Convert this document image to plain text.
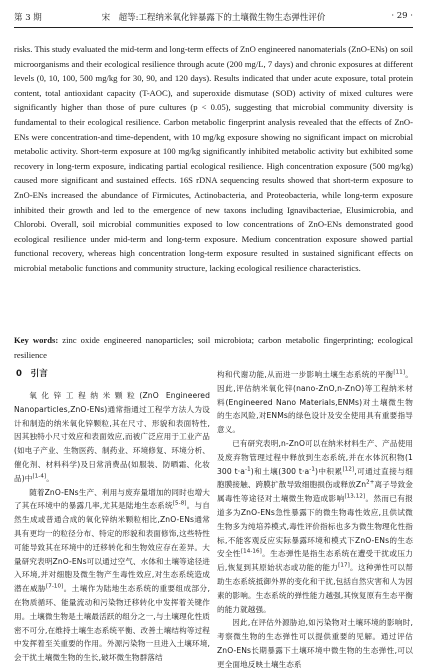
第 3 期	宋　超等:工程纳米氧化锌暴露下的土壤微生物生态弹性评价	· 29 ·

risks. This study evaluated the mid-term and long-term effects of ZnO engineered nanomaterials (ZnO-ENs) on soil microorganisms and their ecological resilience through acute (200 mg/L, 7 days) and chronic exposures at different levels (0, 10, 100, 500 mg/kg for 30, 90, and 120 days). Results indicated that under acute exposure, total protein content, total antioxidant capacity (T-AOC), and superoxide dismutase (SOD) activity of mixed cultures were significantly higher than those of pure cultures (p < 0.05), suggesting that microbial community diversity is fundamental to their ecological resilience. Carbon metabolic fingerprint analysis revealed that the effects of ZnO-ENs were concentration-and time-dependent, with 10 mg/kg exposure showing no significant impact on microbial metabolic activity. Short-term exposure at 100 mg/kg significantly inhibited metabolic activity but exhibited some recovery in long-term exposure, indicating partial ecological resilience. High concentration exposure (500 mg/kg) caused more significant and sustained effects. 16S rDNA sequencing results showed that short-term exposure to ZnO-ENs increased the abundance of Firmicutes, Actinobacteria, and Proteobacteria, while long-term exposure inhibited their growth and led to the emergence of new taxons including Ignavibacteriae, Elusimicrobia, and Chlorobi. Overall, soil microbial communities exposed to low concentrations of ZnO-ENs demonstrated good ecological resilience under mid-term and long-term exposure. Medium concentration exposure showed partial functional recovery, whereas high concentration long-term exposure resulted in sustained significant effects on microbial metabolic functions and community structure, lacking ecological resilience characteristics.

Key words: zinc oxide engineered nanoparticles; soil microbiota; carbon metabolic fingerprinting; ecological resilience

0　引言

氧化锌工程纳米颗粒(ZnO Engineered Nanoparticles,ZnO-ENs)通常指通过工程学方法人为设计和制造的纳米氧化锌颗粒,其在尺寸、形貌和表面特性,因其独特小尺寸效应和表面效应,而被广泛应用于工业产品(如电子产业、生物医药、制药业、环境修复、环境分析、催化剂、材料科学)及日常消费品(如服装、防晒霜、化妆品)中[1-4]。

随着ZnO-ENs生产、利用与废弃量增加的同时也增大了其在环境中的暴露几率,尤其是陆地生态系统[5-8]。与自然生成或普通合成的氧化锌纳米颗粒相比,ZnO-ENs通常具有更均一的粒径分布、特定的形貌和表面修饰,这些特性可能导致其在环境中的迁移转化和生物效应存在差异。大量研究表明ZnO-ENs可以通过空气、水体和土壤等途径进入环境,并对细胞及微生物产生毒性效应,对生态系统造成潜在威胁[7-10]。土壤作为陆地生态系统的重要组成部分,在物质循环、能量流动和污染物迁移转化中发挥着关键作用。土壤微生物是土壤最活跃的组分之一,与土壤理化性质密不可分,在维持土壤生态系统平衡、改善土壤结构等过程中发挥着至关重要的作用。外源污染物一旦进入土壤环境,会干扰土壤微生物的生长,破坏微生物群落结

构和代谢功能,从而进一步影响土壤生态系统的平衡[11]。因此,评估纳米氧化锌(nano-ZnO,n-ZnO)等工程纳米材料(Engineered Nano Materials,ENMs)对土壤微生物的生态风险,对ENMs的绿色设计及安全使用具有重要指导意义。

已有研究表明,n-ZnO可以在纳米材料生产、产品使用及废弃物管理过程中释放到生态系统,并在水体沉积物(1 300 t·a$^{-1}$)和土壤(300 t·a$^{-1}$)中积累[12],可通过直接与细胞膜接触、跨膜扩散导致细胞损伤或释放Zn$^{2+}$离子导致金属毒性等途径对土壤微生物造成影响[13,12]。然而已有报道多为ZnO-ENs急性暴露下的微生物毒性效应,且供试微生物多为纯培养模式,毒性评价指标也多为微生物理化性指标,不能客观反应实际暴露环境和模式下ZnO-ENs的生态安全性[14-16]。生态弹性是指生态系统在遭受干扰或压力后,恢复到其原始状态或功能的能力[17]。这种弹性可以帮助生态系统抵御外界的变化和干扰,包括自然灾害和人为因素的影响。生态系统的弹性能力越强,其恢复原有生态平衡的能力就越强。

因此,在评估外源胁迫,如污染物对土壤环境的影响时,考察微生物的生态弹性可以提供重要的见解。通过评估ZnO-ENs长期暴露下土壤环境中微生物的生态弹性,可以更全面地反映土壤生态系
